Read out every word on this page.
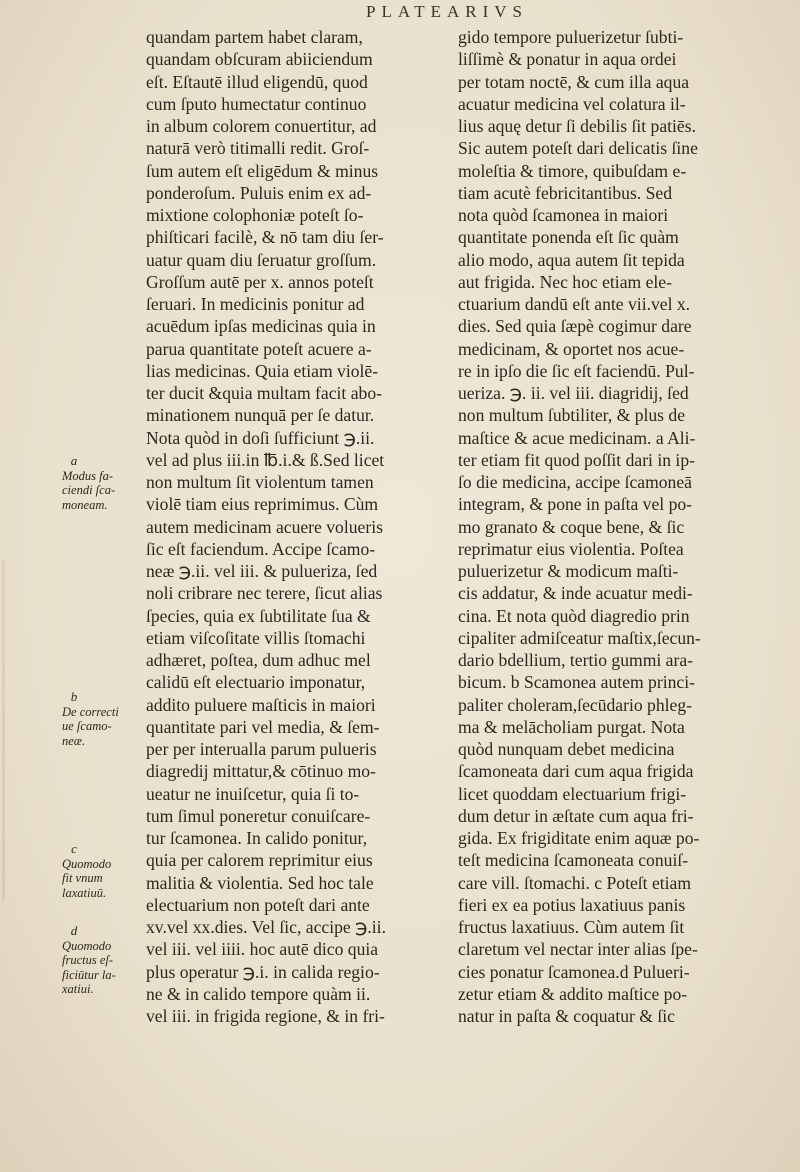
PLATEARIVS
a
Modus fa-
ciendi ſca-
moneam.
b
De correcti
ue ſcamo-
neæ.
c
Quomodo
fit vnum
laxatiuū.
d
Quomodo
fructus eſ-
ficiūtur la-
xatiui.
quandam partem habet claram,
quandam obſcuram abiiciendum
eſt. Eſtautē illud eligendū, quod
cum ſputo humectatur continuo
in album colorem conuertitur, ad
naturā verò titimalli redit. Groſ-
ſum autem eſt eligēdum & minus
ponderoſum. Puluis enim ex ad-
mixtione colophoniæ poteſt ſo-
phiſticari facilè, & nō tam diu ſer-
uatur quam diu ſeruatur groſſum.
Groſſum autē per x. annos poteſt
ſeruari. In medicinis ponitur ad
acuēdum ipſas medicinas quia in
parua quantitate poteſt acuere a-
lias medicinas. Quia etiam violē-
ter ducit &quia multam facit abo-
minationem nunquā per ſe datur.
Nota quòd in doſi ſufficiunt ℈.ii.
vel ad plus iii.in ℔.i.& ß.Sed licet
non multum ſit violentum tamen
violē tiam eius reprimimus. Cùm
autem medicinam acuere volueris
ſic eſt faciendum. Accipe ſcamo-
neæ ℈.ii. vel iii. & pulueriza, ſed
noli cribrare nec terere, ſicut alias
ſpecies, quia ex ſubtilitate ſua &
etiam viſcoſitate villis ſtomachi
adhæret, poſtea, dum adhuc mel
calidū eſt electuario imponatur,
addito puluere maſticis in maiori
quantitate pari vel media, & ſem-
per per interualla parum pulueris
diagredij mittatur,& cōtinuo mo-
ueatur ne inuiſcetur, quia ſi to-
tum ſimul poneretur conuiſcare-
tur ſcamonea. In calido ponitur,
quia per calorem reprimitur eius
malitia & violentia. Sed hoc tale
electuarium non poteſt dari ante
xv.vel xx.dies. Vel ſic, accipe ℈.ii.
vel iii. vel iiii. hoc autē dico quia
plus operatur ℈.i. in calida regio-
ne & in calido tempore quàm ii.
vel iii. in frigida regione, & in fri-
gido tempore puluerizetur ſubti-
liſſimè & ponatur in aqua ordei
per totam noctē, & cum illa aqua
acuatur medicina vel colatura il-
lius aquę detur ſi debilis ſit patiēs.
Sic autem poteſt dari delicatis ſine
moleſtia & timore, quibuſdam e-
tiam acutè febricitantibus. Sed
nota quòd ſcamonea in maiori
quantitate ponenda eſt ſic quàm
alio modo, aqua autem ſit tepida
aut frigida. Nec hoc etiam ele-
ctuarium dandū eſt ante vii.vel x.
dies. Sed quia ſæpè cogimur dare
medicinam, & oportet nos acue-
re in ipſo die ſic eſt faciendū. Pul-
ueriza. ℈. ii. vel iii. diagridij, ſed
non multum ſubtiliter, & plus de
maſtice & acue medicinam. a Ali-
ter etiam fit quod poſſit dari in ip-
ſo die medicina, accipe ſcamoneā
integram, & pone in paſta vel po-
mo granato & coque bene, & ſic
reprimatur eius violentia. Poſtea
puluerizetur & modicum maſti-
cis addatur, & inde acuatur medi-
cina. Et nota quòd diagredio prin
cipaliter admiſceatur maſtix,ſecun-
dario bdellium, tertio gummi ara-
bicum. b Scamonea autem princi-
paliter choleram,ſecūdario phleg-
ma & melācholiam purgat. Nota
quòd nunquam debet medicina
ſcamoneata dari cum aqua frigida
licet quoddam electuarium frigi-
dum detur in æſtate cum aqua fri-
gida. Ex frigiditate enim aquæ po-
teſt medicina ſcamoneata conuiſ-
care vill. ſtomachi. c Poteſt etiam
fieri ex ea potius laxatiuus panis
fructus laxatiuus. Cùm autem ſit
claretum vel nectar inter alias ſpe-
cies ponatur ſcamonea.d Pulueri-
zetur etiam & addito maſtice po-
natur in paſta & coquatur & ſic
